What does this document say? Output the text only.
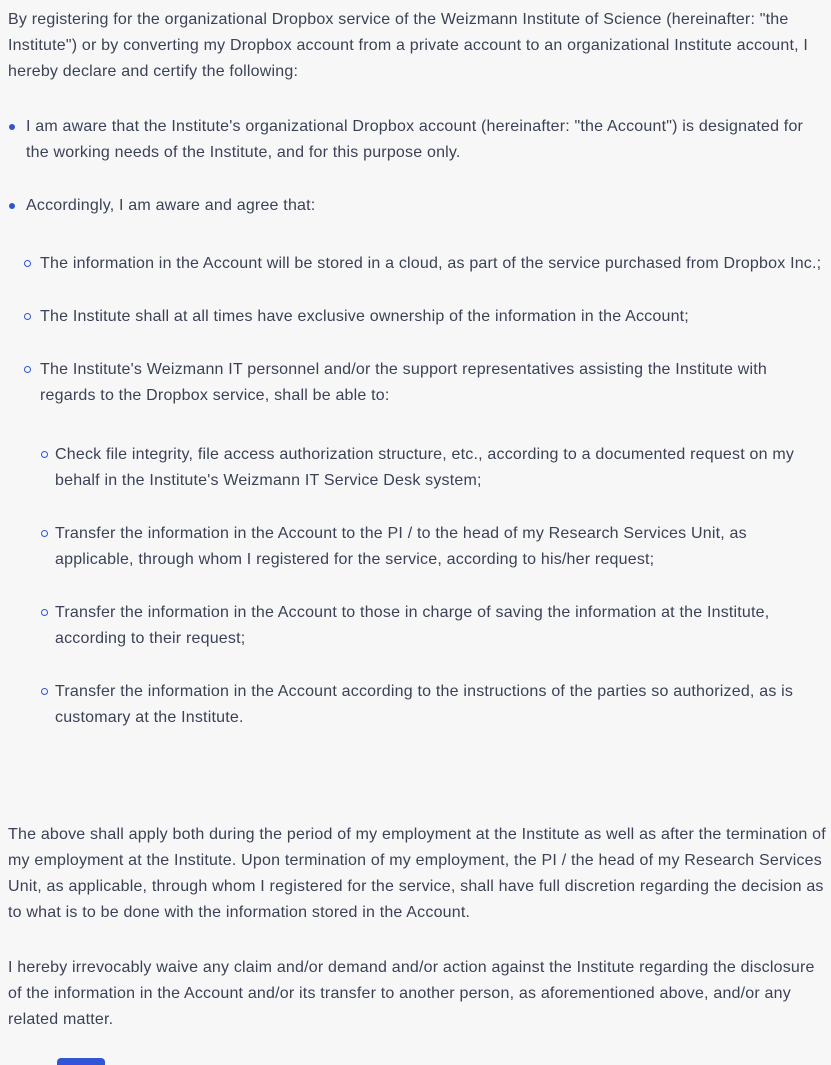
By registering for the organizational Dropbox service of the Weizmann Institute of Science (hereinafter: "the Institute") or by converting my Dropbox account from a private account to an organizational Institute account, I hereby declare and certify the following:

I am aware that the Institute's organizational Dropbox account (hereinafter: "the Account") is designated for the working needs of the Institute, and for this purpose only.
Accordingly, I am aware and agree that:
The information in the Account will be stored in a cloud, as part of the service purchased from Dropbox Inc.;
The Institute shall at all times have exclusive ownership of the information in the Account;
The Institute's Weizmann IT personnel and/or the support representatives assisting the Institute with regards to the Dropbox service, shall be able to:
Check file integrity, file access authorization structure, etc., according to a documented request on my behalf in the Institute's Weizmann IT Service Desk system;
Transfer the information in the Account to the PI / to the head of my Research Services Unit, as applicable, through whom I registered for the service, according to his/her request;
Transfer the information in the Account to those in charge of saving the information at the Institute, according to their request;
Transfer the information in the Account according to the instructions of the parties so authorized, as is customary at the Institute.

The above shall apply both during the period of my employment at the Institute as well as after the termination of my employment at the Institute. Upon termination of my employment, the PI / the head of my Research Services Unit, as applicable, through whom I registered for the service, shall have full discretion regarding the decision as to what is to be done with the information stored in the Account.

I hereby irrevocably waive any claim and/or demand and/or action against the Institute regarding the disclosure of the information in the Account and/or its transfer to another person, as aforementioned above, and/or any related matter.
